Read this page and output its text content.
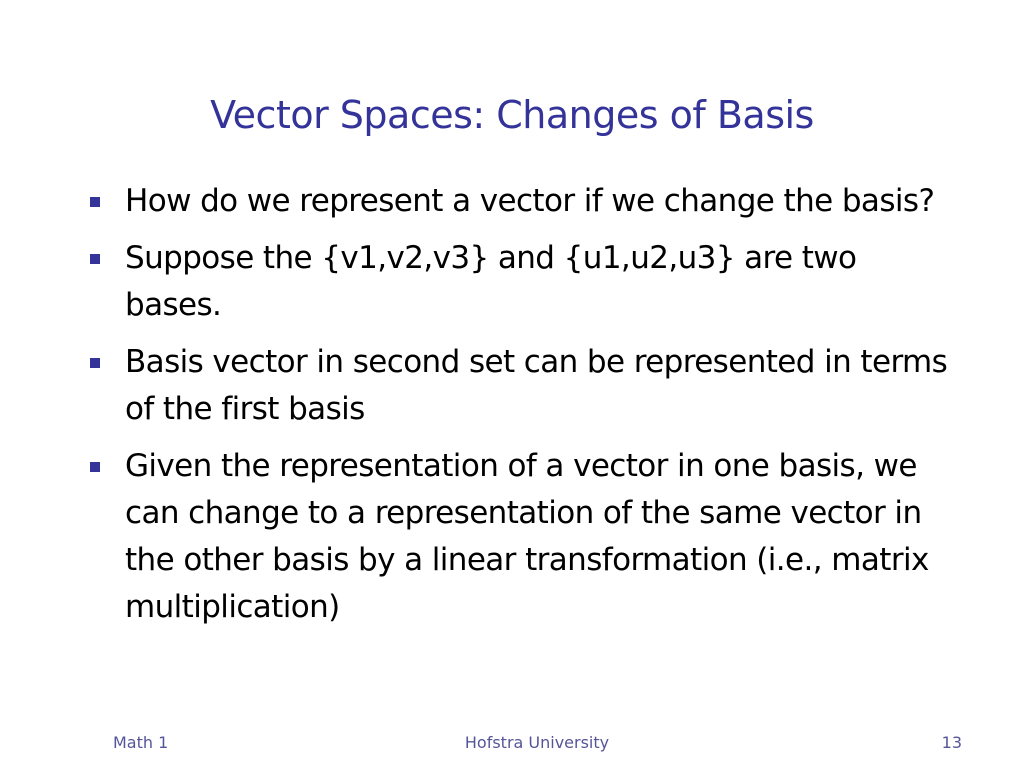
Vector Spaces: Changes of Basis
How do we represent a vector if we change the basis?
Suppose the {v1,v2,v3} and {u1,u2,u3} are two bases.
Basis vector in second set can be represented in terms of the first basis
Given the representation of a vector in one basis, we can change to a representation of the same vector in the other basis by a linear transformation (i.e., matrix multiplication)
Math 1	Hofstra University	13
